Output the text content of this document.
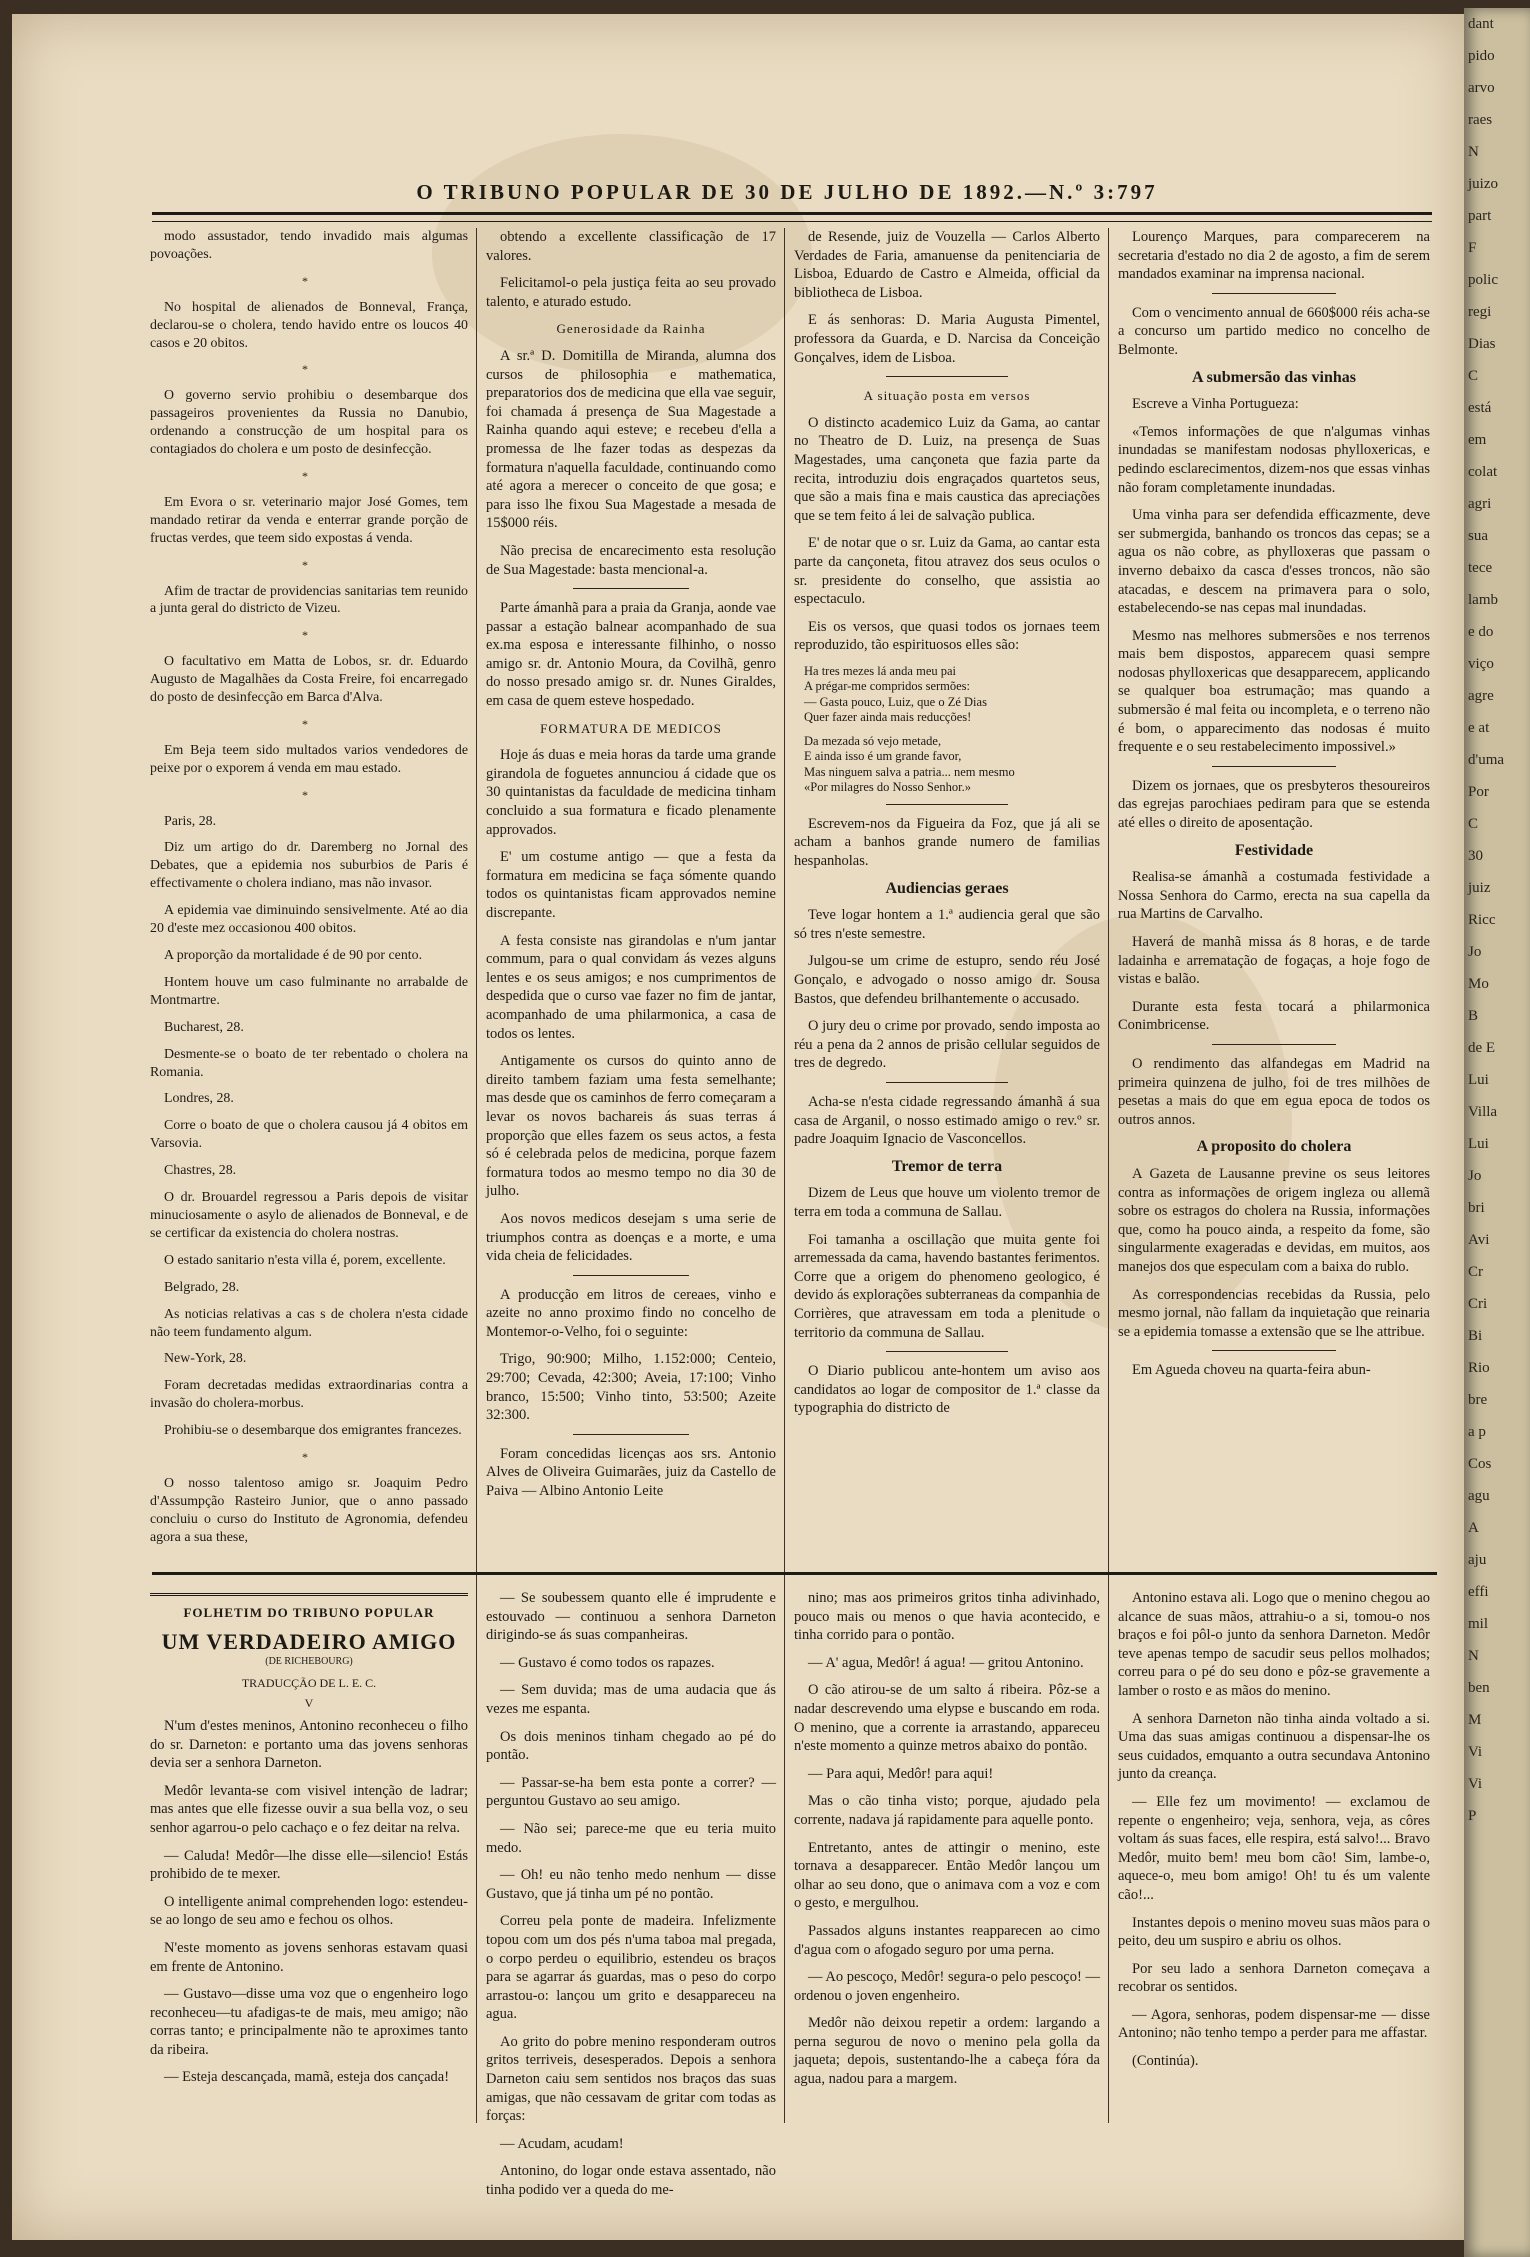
O TRIBUNO POPULAR DE 30 DE JULHO DE 1892.—N.º 3:797

modo assustador, tendo invadido mais algumas povoações.

*

No hospital de alienados de Bonneval, França, declarou-se o cholera, tendo havido entre os loucos 40 casos e 20 obitos.

*

O governo servio prohibiu o desembarque dos passageiros provenientes da Russia no Danubio, ordenando a construcção de um hospital para os contagiados do cholera e um posto de desinfecção.

*

Em Evora o sr. veterinario major José Gomes, tem mandado retirar da venda e enterrar grande porção de fructas verdes, que teem sido expostas á venda.

*

Afim de tractar de providencias sanitarias tem reunido a junta geral do districto de Vizeu.

*

O facultativo em Matta de Lobos, sr. dr. Eduardo Augusto de Magalhães da Costa Freire, foi encarregado do posto de desinfecção em Barca d'Alva.

*

Em Beja teem sido multados varios vendedores de peixe por o exporem á venda em mau estado.

*

Paris, 28.

Diz um artigo do dr. Daremberg no Jornal des Debates, que a epidemia nos suburbios de Paris é effectivamente o cholera indiano, mas não invasor.

A epidemia vae diminuindo sensivelmente. Até ao dia 20 d'este mez occasionou 400 obitos.

A proporção da mortalidade é de 90 por cento.

Hontem houve um caso fulminante no arrabalde de Montmartre.

Bucharest, 28.

Desmente-se o boato de ter rebentado o cholera na Romania.

Londres, 28.

Corre o boato de que o cholera causou já 4 obitos em Varsovia.

Chastres, 28.

O dr. Brouardel regressou a Paris depois de visitar minuciosamente o asylo de alienados de Bonneval, e de se certificar da existencia do cholera nostras.

O estado sanitario n'esta villa é, porem, excellente.

Belgrado, 28.

As noticias relativas a cas s de cholera n'esta cidade não teem fundamento algum.

New-York, 28.

Foram decretadas medidas extraordinarias contra a invasão do cholera-morbus.

Prohibiu-se o desembarque dos emigrantes francezes.

*

O nosso talentoso amigo sr. Joaquim Pedro d'Assumpção Rasteiro Junior, que o anno passado concluiu o curso do Instituto de Agronomia, defendeu agora a sua these,

obtendo a excellente classificação de 17 valores.

Felicitamol-o pela justiça feita ao seu provado talento, e aturado estudo.

Generosidade da Rainha

A sr.ª D. Domitilla de Miranda, alumna dos cursos de philosophia e mathematica, preparatorios dos de medicina que ella vae seguir, foi chamada á presença de Sua Magestade a Rainha quando aqui esteve; e recebeu d'ella a promessa de lhe fazer todas as despezas da formatura n'aquella faculdade, continuando como até agora a merecer o conceito de que gosa; e para isso lhe fixou Sua Magestade a mesada de 15$000 réis.

Não precisa de encarecimento esta resolução de Sua Magestade: basta mencional-a.

Parte ámanhã para a praia da Granja, aonde vae passar a estação balnear acompanhado de sua ex.ma esposa e interessante filhinho, o nosso amigo sr. dr. Antonio Moura, da Covilhã, genro do nosso presado amigo sr. dr. Nunes Giraldes, em casa de quem esteve hospedado.

FORMATURA DE MEDICOS

Hoje ás duas e meia horas da tarde uma grande girandola de foguetes annunciou á cidade que os 30 quintanistas da faculdade de medicina tinham concluido a sua formatura e ficado plenamente approvados.

E' um costume antigo — que a festa da formatura em medicina se faça sómente quando todos os quintanistas ficam approvados nemine discrepante.

A festa consiste nas girandolas e n'um jantar commum, para o qual convidam ás vezes alguns lentes e os seus amigos; e nos cumprimentos de despedida que o curso vae fazer no fim de jantar, acompanhado de uma philarmonica, a casa de todos os lentes.

Antigamente os cursos do quinto anno de direito tambem faziam uma festa semelhante; mas desde que os caminhos de ferro começaram a levar os novos bachareis ás suas terras á proporção que elles fazem os seus actos, a festa só é celebrada pelos de medicina, porque fazem formatura todos ao mesmo tempo no dia 30 de julho.

Aos novos medicos desejam s uma serie de triumphos contra as doenças e a morte, e uma vida cheia de felicidades.

A producção em litros de cereaes, vinho e azeite no anno proximo findo no concelho de Montemor-o-Velho, foi o seguinte:

Trigo, 90:900; Milho, 1.152:000; Centeio, 29:700; Cevada, 42:300; Aveia, 17:100; Vinho branco, 15:500; Vinho tinto, 53:500; Azeite 32:300.

Foram concedidas licenças aos srs. Antonio Alves de Oliveira Guimarães, juiz da Castello de Paiva — Albino Antonio Leite

de Resende, juiz de Vouzella — Carlos Alberto Verdades de Faria, amanuense da penitenciaria de Lisboa, Eduardo de Castro e Almeida, official da bibliotheca de Lisboa.

E ás senhoras: D. Maria Augusta Pimentel, professora da Guarda, e D. Narcisa da Conceição Gonçalves, idem de Lisboa.

A situação posta em versos

O distincto academico Luiz da Gama, ao cantar no Theatro de D. Luiz, na presença de Suas Magestades, uma cançoneta que fazia parte da recita, introduziu dois engraçados quartetos seus, que são a mais fina e mais caustica das apreciações que se tem feito á lei de salvação publica.

E' de notar que o sr. Luiz da Gama, ao cantar esta parte da cançoneta, fitou atravez dos seus oculos o sr. presidente do conselho, que assistia ao espectaculo.

Eis os versos, que quasi todos os jornaes teem reproduzido, tão espirituosos elles são:

Ha tres mezes lá anda meu pai
A prégar-me compridos sermões:
— Gasta pouco, Luiz, que o Zé Dias
Quer fazer ainda mais reducções!
Da mezada só vejo metade,
E ainda isso é um grande favor,
Mas ninguem salva a patria... nem mesmo
«Por milagres do Nosso Senhor.»

Escrevem-nos da Figueira da Foz, que já ali se acham a banhos grande numero de familias hespanholas.

Audiencias geraes

Teve logar hontem a 1.ª audiencia geral que são só tres n'este semestre.

Julgou-se um crime de estupro, sendo réu José Gonçalo, e advogado o nosso amigo dr. Sousa Bastos, que defendeu brilhantemente o accusado.

O jury deu o crime por provado, sendo imposta ao réu a pena da 2 annos de prisão cellular seguidos de tres de degredo.

Acha-se n'esta cidade regressando ámanhã á sua casa de Arganil, o nosso estimado amigo o rev.º sr. padre Joaquim Ignacio de Vasconcellos.

Tremor de terra

Dizem de Leus que houve um violento tremor de terra em toda a communa de Sallau.

Foi tamanha a oscillação que muita gente foi arremessada da cama, havendo bastantes ferimentos. Corre que a origem do phenomeno geologico, é devido ás explorações subterraneas da companhia de Corrières, que atravessam em toda a plenitude o territorio da communa de Sallau.

O Diario publicou ante-hontem um aviso aos candidatos ao logar de compositor de 1.ª classe da typographia do districto de

Lourenço Marques, para comparecerem na secretaria d'estado no dia 2 de agosto, a fim de serem mandados examinar na imprensa nacional.

Com o vencimento annual de 660$000 réis acha-se a concurso um partido medico no concelho de Belmonte.

A submersão das vinhas

Escreve a Vinha Portugueza:

«Temos informações de que n'algumas vinhas inundadas se manifestam nodosas phylloxericas, e pedindo esclarecimentos, dizem-nos que essas vinhas não foram completamente inundadas.

Uma vinha para ser defendida efficazmente, deve ser submergida, banhando os troncos das cepas; se a agua os não cobre, as phylloxeras que passam o inverno debaixo da casca d'esses troncos, não são atacadas, e descem na primavera para o solo, estabelecendo-se nas cepas mal inundadas.

Mesmo nas melhores submersões e nos terrenos mais bem dispostos, apparecem quasi sempre nodosas phylloxericas que desapparecem, applicando se qualquer boa estrumação; mas quando a submersão é mal feita ou incompleta, e o terreno não é bom, o apparecimento das nodosas é muito frequente e o seu restabelecimento impossivel.»

Dizem os jornaes, que os presbyteros thesoureiros das egrejas parochiaes pediram para que se estenda até elles o direito de aposentação.

Festividade

Realisa-se ámanhã a costumada festividade a Nossa Senhora do Carmo, erecta na sua capella da rua Martins de Carvalho.

Haverá de manhã missa ás 8 horas, e de tarde ladainha e arrematação de fogaças, a hoje fogo de vistas e balão.

Durante esta festa tocará a philarmonica Conimbricense.

O rendimento das alfandegas em Madrid na primeira quinzena de julho, foi de tres milhões de pesetas a mais do que em egua epoca de todos os outros annos.

A proposito do cholera

A Gazeta de Lausanne previne os seus leitores contra as informações de origem ingleza ou allemã sobre os estragos do cholera na Russia, informações que, como ha pouco ainda, a respeito da fome, são singularmente exageradas e devidas, em muitos, aos manejos dos que especulam com a baixa do rublo.

As correspondencias recebidas da Russia, pelo mesmo jornal, não fallam da inquietação que reinaria se a epidemia tomasse a extensão que se lhe attribue.

Em Agueda choveu na quarta-feira abun-

FOLHETIM DO TRIBUNO POPULAR
UM VERDADEIRO AMIGO
(DE RICHEBOURG)
TRADUCÇÃO DE L. E. C.
V

N'um d'estes meninos, Antonino reconheceu o filho do sr. Darneton: e portanto uma das jovens senhoras devia ser a senhora Darneton.

Medôr levanta-se com visivel intenção de ladrar; mas antes que elle fizesse ouvir a sua bella voz, o seu senhor agarrou-o pelo cachaço e o fez deitar na relva.

— Caluda! Medôr—lhe disse elle—silencio! Estás prohibido de te mexer.

O intelligente animal comprehenden logo: estendeu-se ao longo de seu amo e fechou os olhos.

N'este momento as jovens senhoras estavam quasi em frente de Antonino.

— Gustavo—disse uma voz que o engenheiro logo reconheceu—tu afadigas-te de mais, meu amigo; não corras tanto; e principalmente não te aproximes tanto da ribeira.

— Esteja descançada, mamã, esteja dos cançada!

— Se soubessem quanto elle é imprudente e estouvado — continuou a senhora Darneton dirigindo-se ás suas companheiras.

— Gustavo é como todos os rapazes.

— Sem duvida; mas de uma audacia que ás vezes me espanta.

Os dois meninos tinham chegado ao pé do pontão.

— Passar-se-ha bem esta ponte a correr? — perguntou Gustavo ao seu amigo.

— Não sei; parece-me que eu teria muito medo.

— Oh! eu não tenho medo nenhum — disse Gustavo, que já tinha um pé no pontão.

Correu pela ponte de madeira. Infelizmente topou com um dos pés n'uma taboa mal pregada, o corpo perdeu o equilibrio, estendeu os braços para se agarrar ás guardas, mas o peso do corpo arrastou-o: lançou um grito e desappareceu na agua.

Ao grito do pobre menino responderam outros gritos terriveis, desesperados. Depois a senhora Darneton caiu sem sentidos nos braços das suas amigas, que não cessavam de gritar com todas as forças:

— Acudam, acudam!

Antonino, do logar onde estava assentado, não tinha podido ver a queda do me-

nino; mas aos primeiros gritos tinha adivinhado, pouco mais ou menos o que havia acontecido, e tinha corrido para o pontão.

— A' agua, Medôr! á agua! — gritou Antonino.

O cão atirou-se de um salto á ribeira. Pôz-se a nadar descrevendo uma elypse e buscando em roda. O menino, que a corrente ia arrastando, appareceu n'este momento a quinze metros abaixo do pontão.

— Para aqui, Medôr! para aqui!

Mas o cão tinha visto; porque, ajudado pela corrente, nadava já rapidamente para aquelle ponto.

Entretanto, antes de attingir o menino, este tornava a desapparecer. Então Medôr lançou um olhar ao seu dono, que o animava com a voz e com o gesto, e mergulhou.

Passados alguns instantes reapparecen ao cimo d'agua com o afogado seguro por uma perna.

— Ao pescoço, Medôr! segura-o pelo pescoço! — ordenou o joven engenheiro.

Medôr não deixou repetir a ordem: largando a perna segurou de novo o menino pela golla da jaqueta; depois, sustentando-lhe a cabeça fóra da agua, nadou para a margem.

Antonino estava ali. Logo que o menino chegou ao alcance de suas mãos, attrahiu-o a si, tomou-o nos braços e foi pôl-o junto da senhora Darneton. Medôr teve apenas tempo de sacudir seus pellos molhados; correu para o pé do seu dono e pôz-se gravemente a lamber o rosto e as mãos do menino.

A senhora Darneton não tinha ainda voltado a si. Uma das suas amigas continuou a dispensar-lhe os seus cuidados, emquanto a outra secundava Antonino junto da creança.

— Elle fez um movimento! — exclamou de repente o engenheiro; veja, senhora, veja, as côres voltam ás suas faces, elle respira, está salvo!... Bravo Medôr, muito bem! meu bom cão! Sim, lambe-o, aquece-o, meu bom amigo! Oh! tu és um valente cão!...

Instantes depois o menino moveu suas mãos para o peito, deu um suspiro e abriu os olhos.

Por seu lado a senhora Darneton começava a recobrar os sentidos.

— Agora, senhoras, podem dispensar-me — disse Antonino; não tenho tempo a perder para me affastar.

(Continúa).

dant
pido
arvo
raes
N
juizo
part
F
polic
regi
Dias
C
está
em
colat
agri
sua
tece
lamb
e do
viço
agre
e at
d'uma
Por
C
30
juiz
Ricc
Jo
Mo
B
de E
Lui
Villa
Lui
Jo
bri
Avi
Cr
Cri
Bi
Rio
bre
a p
Cos
agu
A
aju
effi
mil
N
ben
M
Vi
Vi
P
